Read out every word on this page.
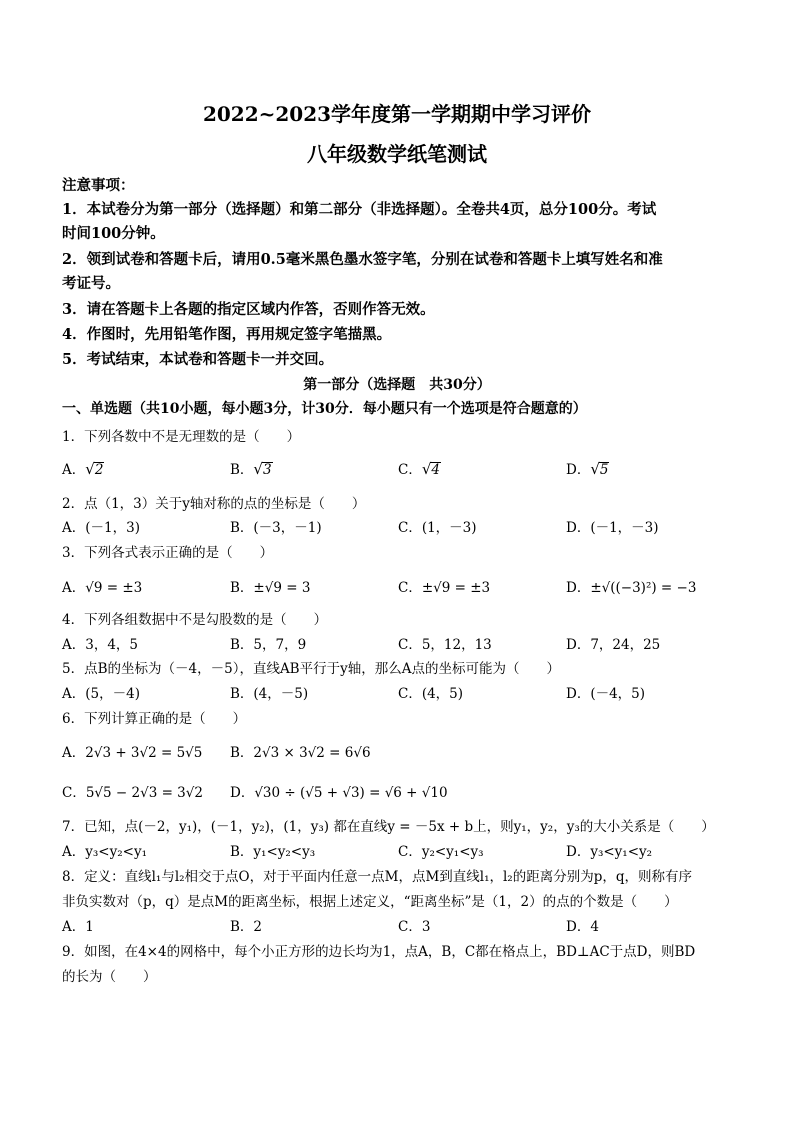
2022~2023学年度第一学期期中学习评价
八年级数学纸笔测试
注意事项：
1．本试卷分为第一部分（选择题）和第二部分（非选择题）。全卷共4页，总分100分。考试
时间100分钟。
2．领到试卷和答题卡后，请用0.5毫米黑色墨水签字笔，分别在试卷和答题卡上填写姓名和准
考证号。
3．请在答题卡上各题的指定区域内作答，否则作答无效。
4．作图时，先用铅笔作图，再用规定签字笔描黑。
5．考试结束，本试卷和答题卡一并交回。
第一部分（选择题　共30分）
一、单选题（共10小题，每小题3分，计30分．每小题只有一个选项是符合题意的）
1．下列各数中不是无理数的是（　　）
A．√2	B．√3	C．√4	D．√5
2．点（1，3）关于y轴对称的点的坐标是（　　）
A．(－1，3)	B．(－3，－1)	C．(1，－3)	D．(－1，－3)
3．下列各式表示正确的是（　　）
A．√9 = ±3	B．±√9 = 3	C．±√9 = ±3	D．±√((−3)²) = −3
4．下列各组数据中不是勾股数的是（　　）
A．3，4，5	B．5，7，9	C．5，12，13	D．7，24，25
5．点B的坐标为（－4，－5），直线AB平行于y轴，那么A点的坐标可能为（　　）
A．(5，－4)	B．(4，－5)	C．(4，5)	D．(－4，5)
6．下列计算正确的是（　　）
A．2√3 + 3√2 = 5√5 B．2√3 × 3√2 = 6√6
C．5√5 − 2√3 = 3√2 D．√30 ÷ (√5 + √3) = √6 + √10
7．已知，点(－2，y₁)，(－1，y₂)，(1，y₃) 都在直线y = －5x + b上，则y₁，y₂，y₃的大小关系是（　　）
A．y₃<y₂<y₁	B．y₁<y₂<y₃	C．y₂<y₁<y₃	D．y₃<y₁<y₂
8．定义：直线l₁与l₂相交于点O，对于平面内任意一点M，点M到直线l₁，l₂的距离分别为p，q，则称有序
非负实数对（p，q）是点M的距离坐标，根据上述定义，“距离坐标”是（1，2）的点的个数是（　　）
A．1	B．2	C．3	D．4
9．如图，在4×4的网格中，每个小正方形的边长均为1，点A，B，C都在格点上，BD⊥AC于点D，则BD
的长为（　　）
